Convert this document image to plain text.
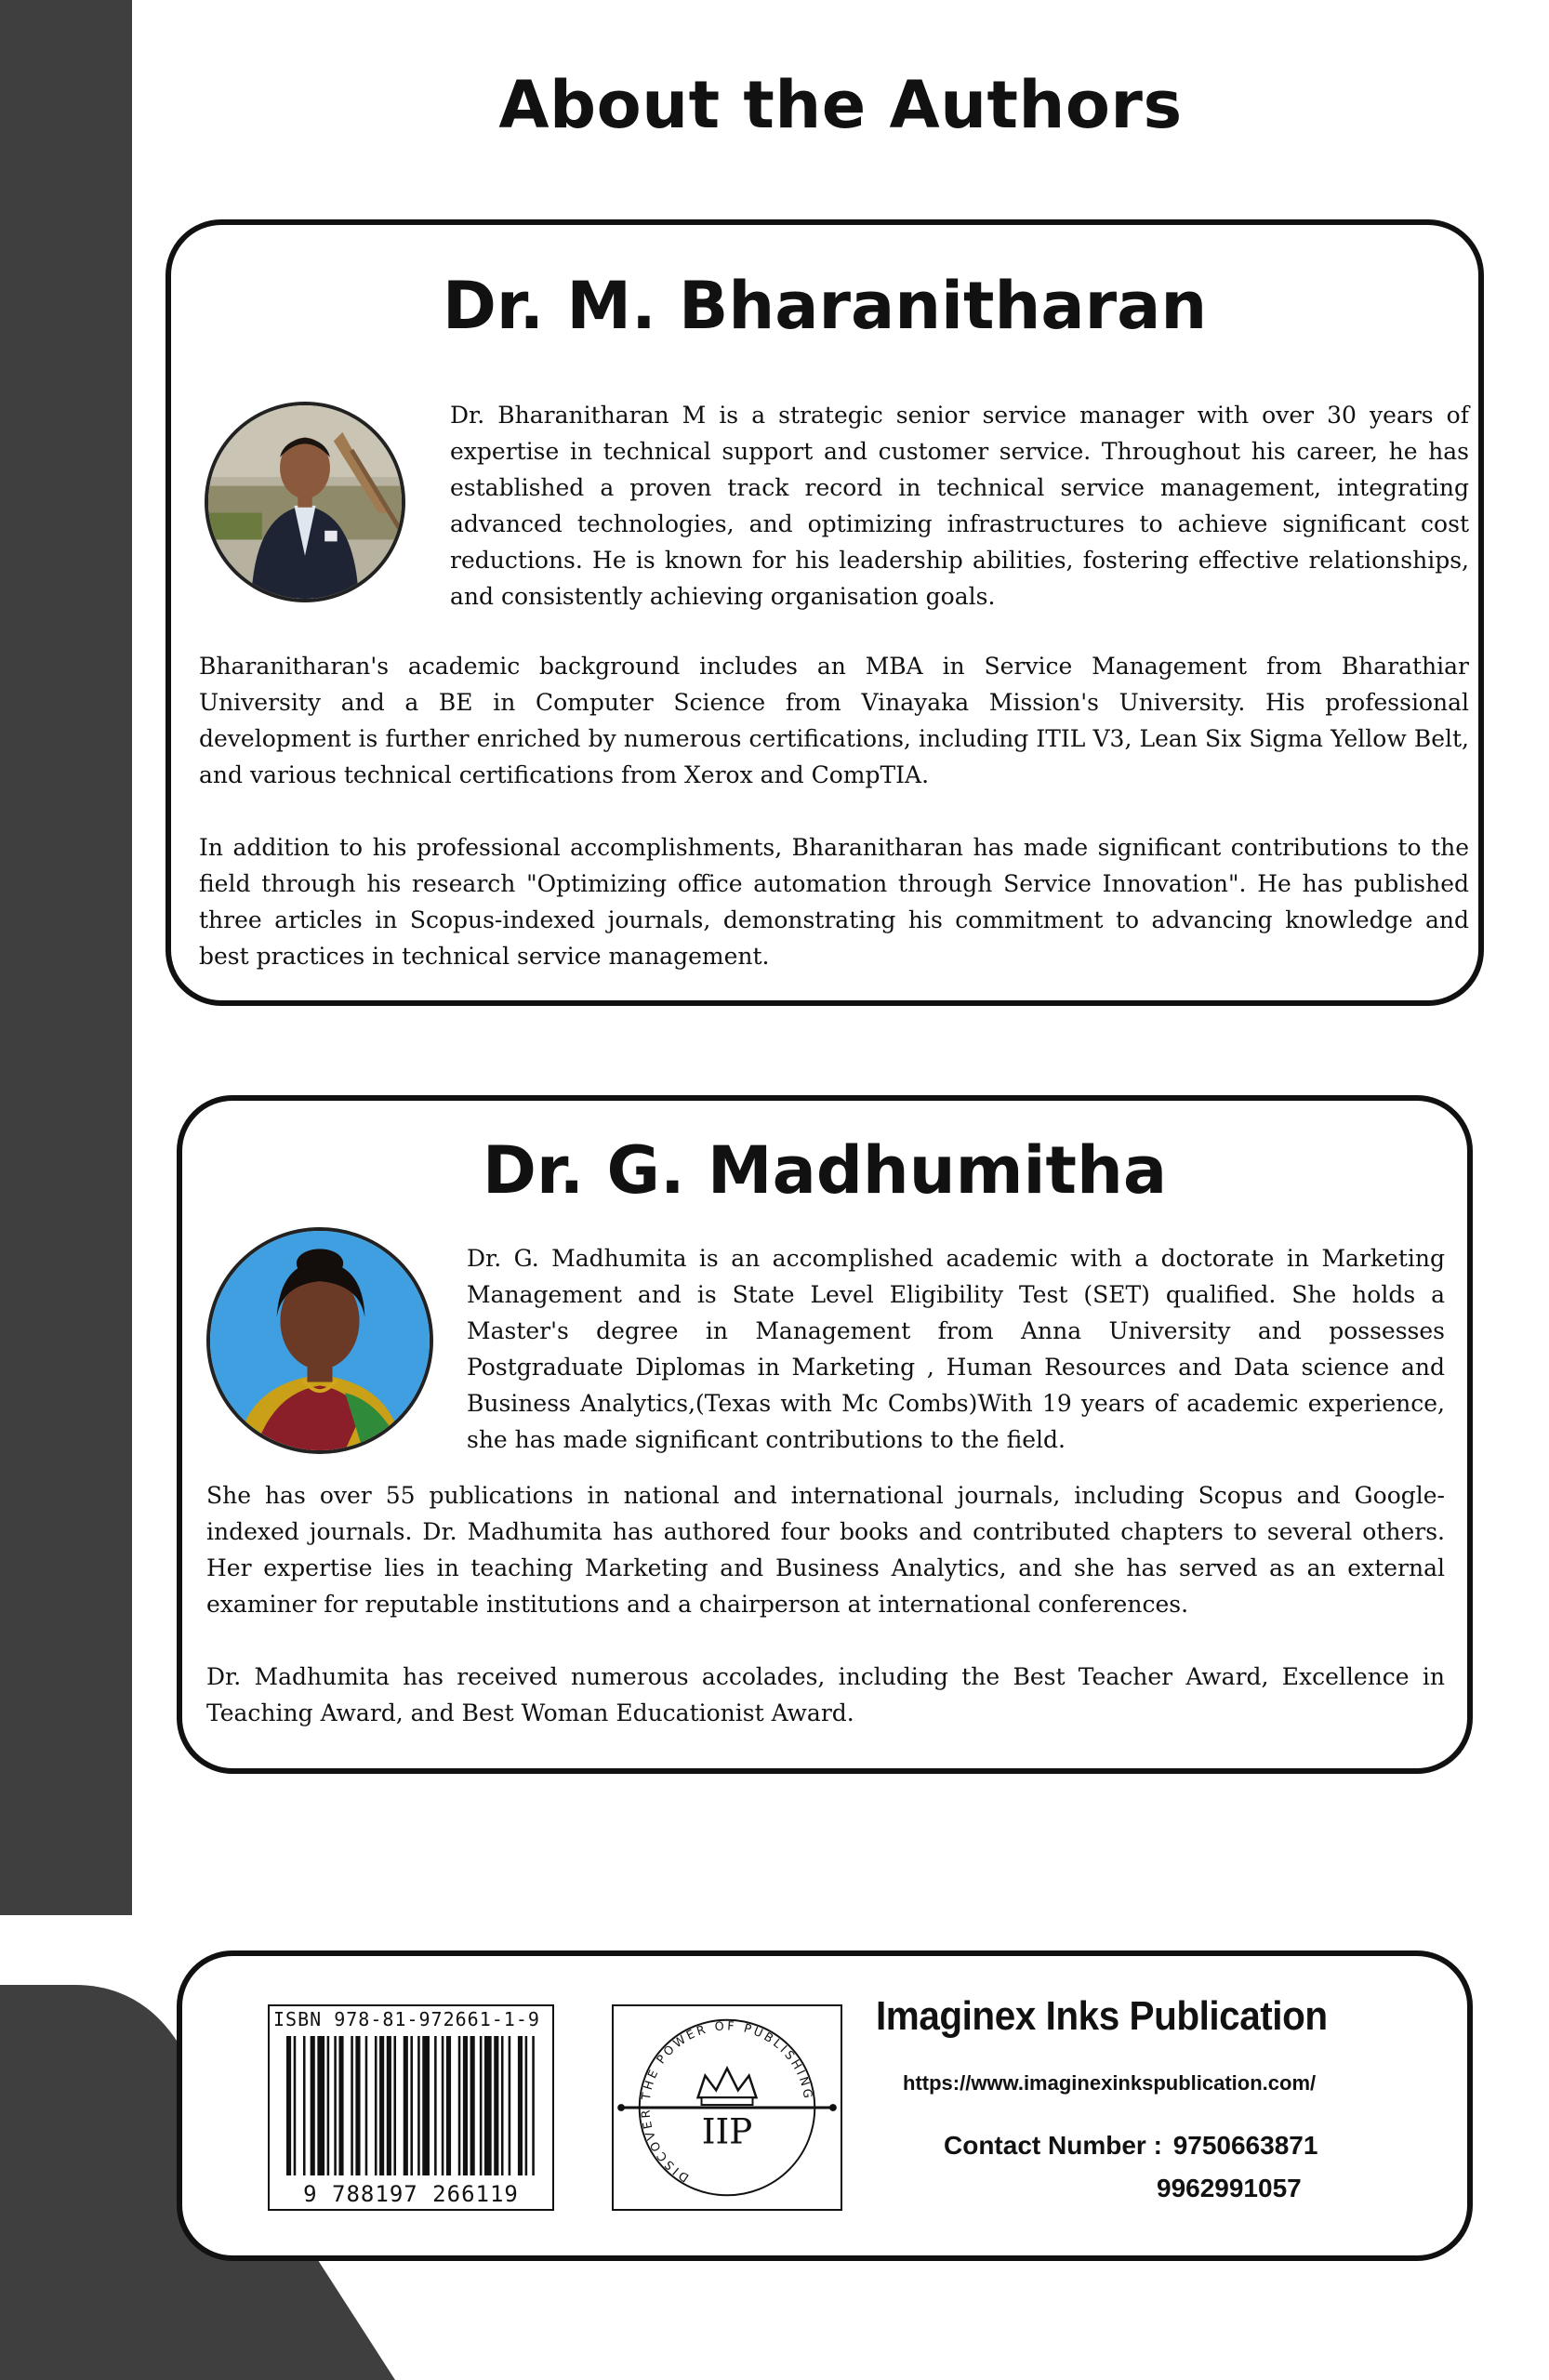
About the Authors
Dr. M. Bharanitharan

Dr. Bharanitharan M is a strategic senior service manager with over 30 years of expertise in technical support and customer service. Throughout his career, he has established a proven track record in technical service management, integrating advanced technologies, and optimizing infrastructures to achieve significant cost reductions. He is known for his leadership abilities, fostering effective relationships, and consistently achieving organisation goals.

Bharanitharan's academic background includes an MBA in Service Management from Bharathiar University and a BE in Computer Science from Vinayaka Mission's University. His professional development is further enriched by numerous certifications, including ITIL V3, Lean Six Sigma Yellow Belt, and various technical certifications from Xerox and CompTIA.

In addition to his professional accomplishments, Bharanitharan has made significant contributions to the field through his research "Optimizing office automation through Service Innovation". He has published three articles in Scopus-indexed journals, demonstrating his commitment to advancing knowledge and best practices in technical service management.

Dr. G. Madhumitha

Dr. G. Madhumita is an accomplished academic with a doctorate in Marketing Management and is State Level Eligibility Test (SET) qualified. She holds a Master's degree in Management from Anna University and possesses Postgraduate Diplomas in Marketing , Human Resources and Data science and Business Analytics,(Texas with Mc Combs)With 19 years of academic experience, she has made significant contributions to the field.

She has over 55 publications in national and international journals, including Scopus and Google-indexed journals. Dr. Madhumita has authored four books and contributed chapters to several others. Her expertise lies in teaching Marketing and Business Analytics, and she has served as an external examiner for reputable institutions and a chairperson at international conferences.

Dr. Madhumita has received numerous accolades, including the Best Teacher Award, Excellence in Teaching Award, and Best Woman Educationist Award.

ISBN 978-81-972661-1-9
9 788197 266119
DISCOVER THE POWER OF PUBLISHING
IIP
Imaginex Inks Publication
https://www.imaginexinkspublication.com/
Contact Number : 9750663871
9962991057
